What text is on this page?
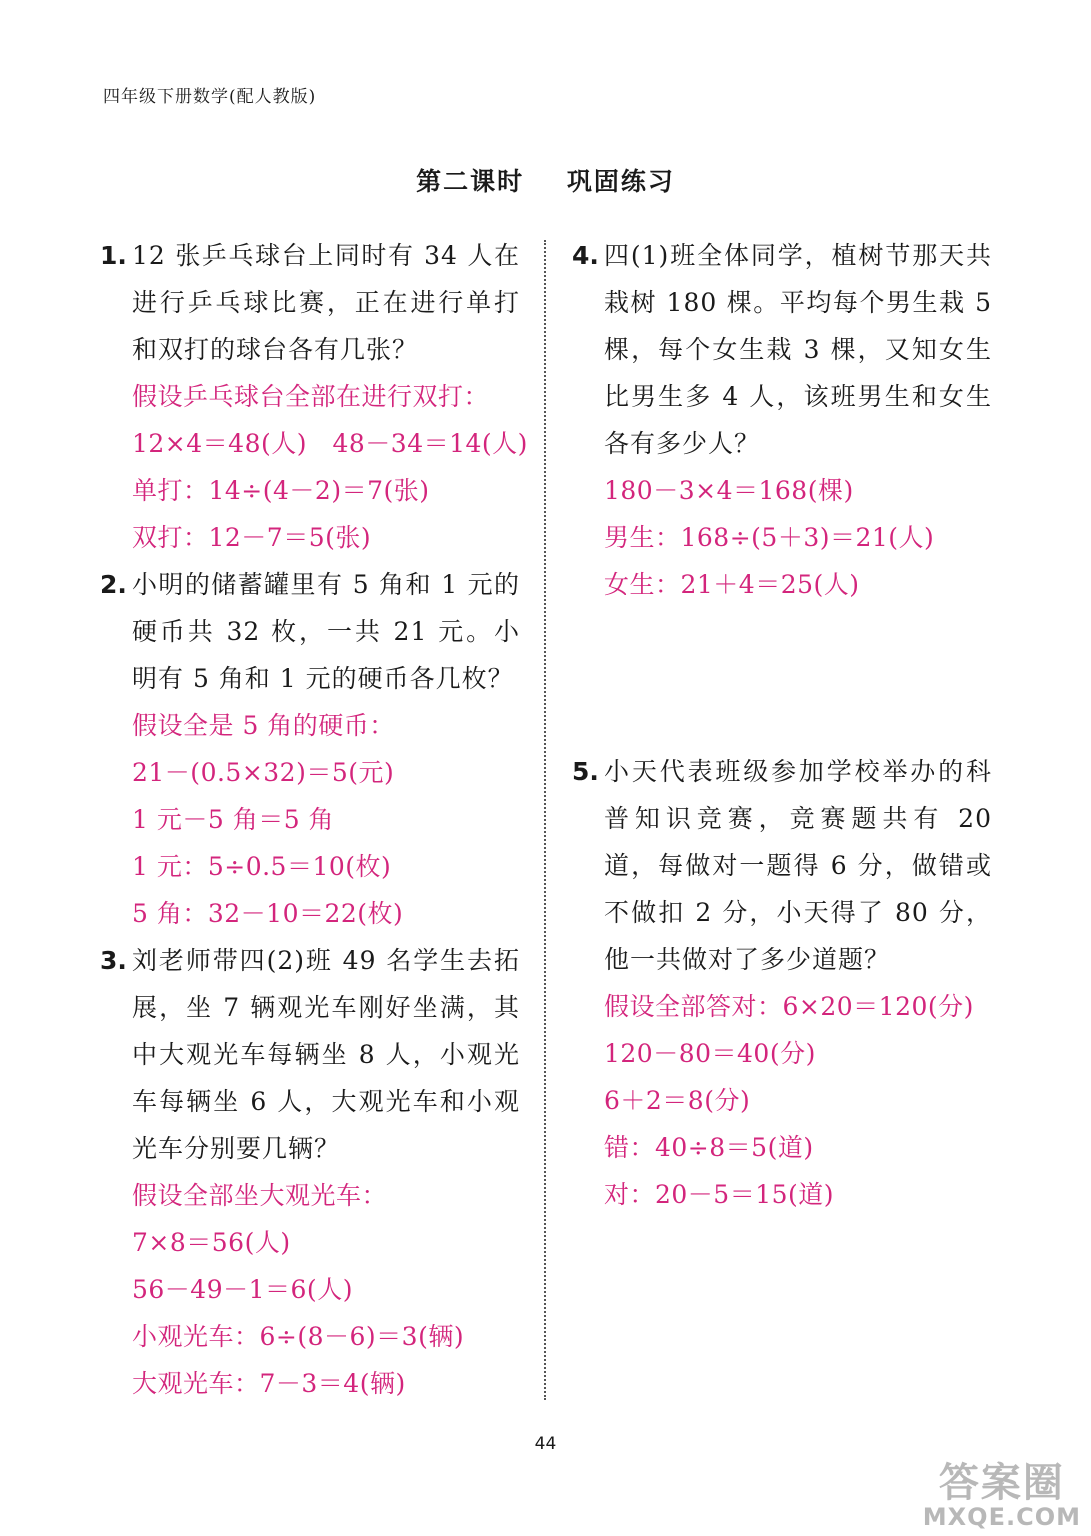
四年级下册数学(配人教版)
第二课时    巩固练习
1. 12 张乒乓球台上同时有 34 人在进行乒乓球比赛，正在进行单打和双打的球台各有几张？
假设乒乓球台全部在进行双打：
12×4＝48(人)　48－34＝14(人)
单打：14÷(4－2)＝7(张)
双打：12－7＝5(张)
2. 小明的储蓄罐里有 5 角和 1 元的硬币共 32 枚，一共 21 元。小明有 5 角和 1 元的硬币各几枚？
假设全是 5 角的硬币：
21－(0.5×32)＝5(元)
1 元－5 角＝5 角
1 元：5÷0.5＝10(枚)
5 角：32－10＝22(枚)
3. 刘老师带四(2)班 49 名学生去拓展，坐 7 辆观光车刚好坐满，其中大观光车每辆坐 8 人，小观光车每辆坐 6 人，大观光车和小观光车分别要几辆？
假设全部坐大观光车：
7×8＝56(人)
56－49－1＝6(人)
小观光车：6÷(8－6)＝3(辆)
大观光车：7－3＝4(辆)
4. 四(1)班全体同学，植树节那天共栽树 180 棵。平均每个男生栽 5 棵，每个女生栽 3 棵，又知女生比男生多 4 人，该班男生和女生各有多少人？
180－3×4＝168(棵)
男生：168÷(5＋3)＝21(人)
女生：21＋4＝25(人)
5. 小天代表班级参加学校举办的科普知识竞赛，竞赛题共有 20 道，每做对一题得 6 分，做错或不做扣 2 分，小天得了 80 分，他一共做对了多少道题？
假设全部答对：6×20＝120(分)
120－80＝40(分)
6＋2＝8(分)
错：40÷8＝5(道)
对：20－5＝15(道)
44
答案圈
MXQE.COM
